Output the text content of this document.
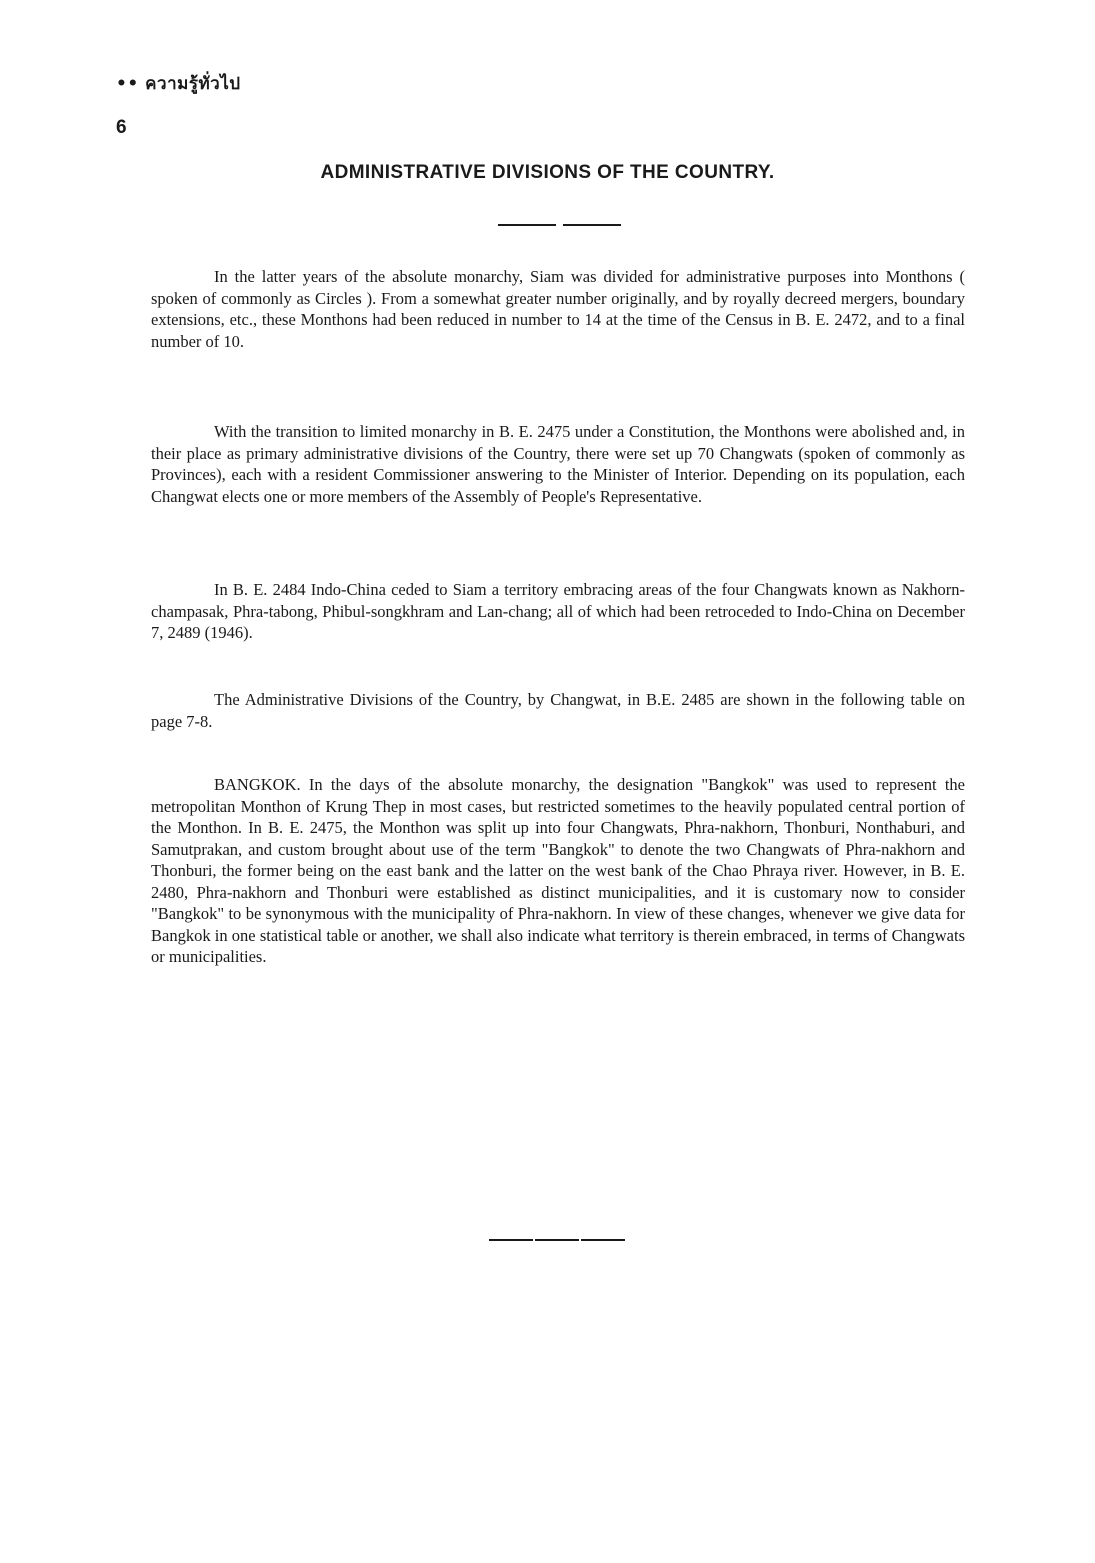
•• ความรู้ทั่วไป
6
ADMINISTRATIVE DIVISIONS OF THE COUNTRY.

In the latter years of the absolute monarchy, Siam was divided for administrative purposes into Monthons ( spoken of commonly as Circles ). From a somewhat greater number originally, and by royally decreed mergers, boundary extensions, etc., these Monthons had been reduced in number to 14 at the time of the Census in B. E. 2472, and to a final number of 10.

With the transition to limited monarchy in B. E. 2475 under a Constitution, the Monthons were abolished and, in their place as primary administrative divisions of the Country, there were set up 70 Changwats (spoken of commonly as Provinces), each with a resident Commissioner answering to the Minister of Interior. Depending on its population, each Changwat elects one or more members of the Assembly of People's Representative.

In B. E. 2484 Indo-China ceded to Siam a territory embracing areas of the four Changwats known as Nakhorn-champasak, Phra-tabong, Phibul-songkhram and Lan-chang; all of which had been retroceded to Indo-China on December 7, 2489 (1946).

The Administrative Divisions of the Country, by Changwat, in B.E. 2485 are shown in the following table on page 7-8.

BANGKOK. In the days of the absolute monarchy, the designation "Bangkok" was used to represent the metropolitan Monthon of Krung Thep in most cases, but restricted sometimes to the heavily populated central portion of the Monthon. In B. E. 2475, the Monthon was split up into four Changwats, Phra-nakhorn, Thonburi, Nonthaburi, and Samutprakan, and custom brought about use of the term "Bangkok" to denote the two Changwats of Phra-nakhorn and Thonburi, the former being on the east bank and the latter on the west bank of the Chao Phraya river. However, in B. E. 2480, Phra-nakhorn and Thonburi were established as distinct municipalities, and it is customary now to consider "Bangkok" to be synonymous with the municipality of Phra-nakhorn. In view of these changes, whenever we give data for Bangkok in one statistical table or another, we shall also indicate what territory is therein embraced, in terms of Changwats or municipalities.
